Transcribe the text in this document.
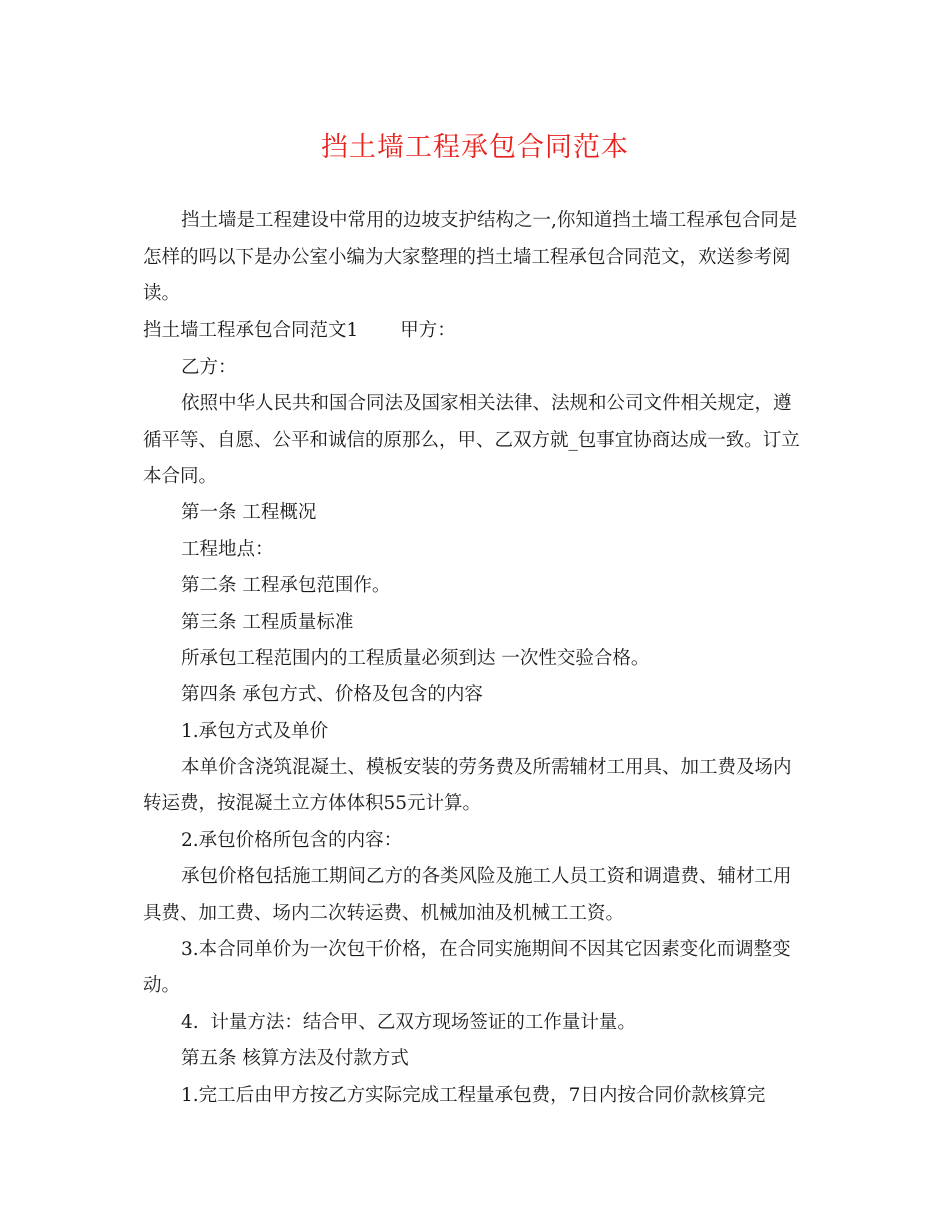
挡土墙工程承包合同范本

挡土墙是工程建设中常用的边坡支护结构之一,你知道挡土墙工程承包合同是

怎样的吗以下是办公室小编为大家整理的挡土墙工程承包合同范文，欢送参考阅

读。

挡土墙工程承包合同范文1 甲方：

乙方：

依照中华人民共和国合同法及国家相关法律、法规和公司文件相关规定，遵

循平等、自愿、公平和诚信的原那么，甲、乙双方就_包事宜协商达成一致。订立

本合同。

第一条 工程概况

工程地点：

第二条 工程承包范围作。

第三条 工程质量标准

所承包工程范围内的工程质量必须到达 一次性交验合格。

第四条 承包方式、价格及包含的内容

1.承包方式及单价

本单价含浇筑混凝土、模板安装的劳务费及所需辅材工用具、加工费及场内

转运费，按混凝土立方体体积55元计算。

2.承包价格所包含的内容：

承包价格包括施工期间乙方的各类风险及施工人员工资和调遣费、辅材工用

具费、加工费、场内二次转运费、机械加油及机械工工资。

3.本合同单价为一次包干价格，在合同实施期间不因其它因素变化而调整变

动。

4.  计量方法：结合甲、乙双方现场签证的工作量计量。

第五条 核算方法及付款方式

1.完工后由甲方按乙方实际完成工程量承包费，7日内按合同价款核算完
